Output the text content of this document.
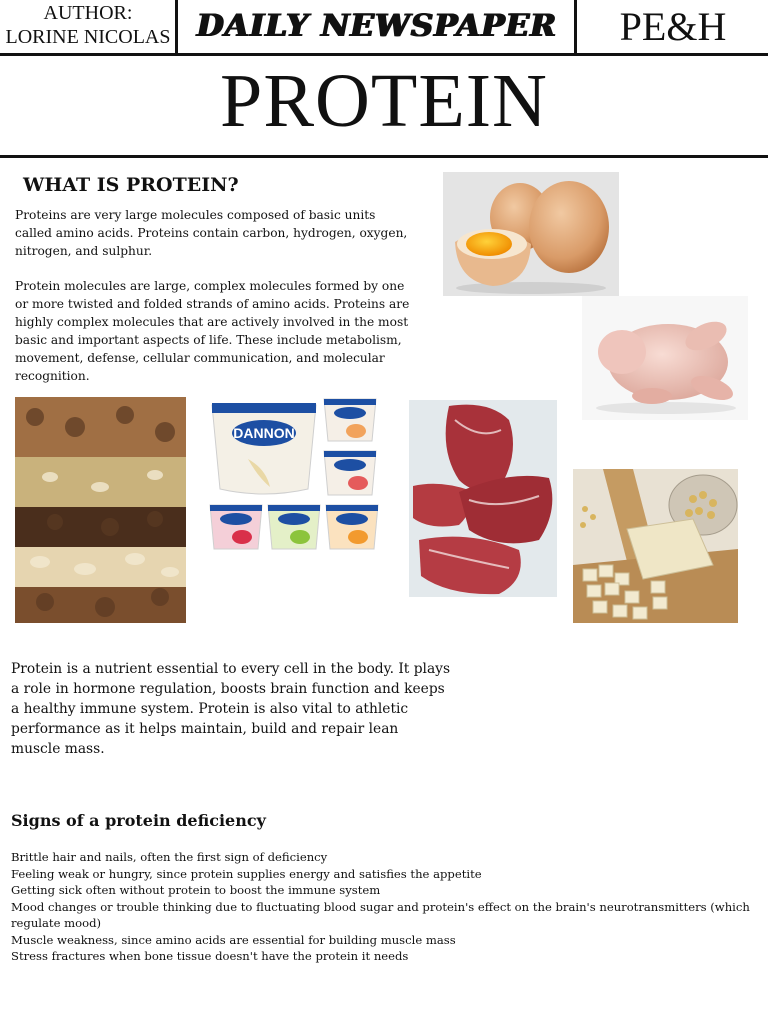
AUTHOR:
LORINE NICOLAS DAILY NEWSPAPER	PE&H
PROTEIN
WHAT IS PROTEIN?

Proteins are very large molecules composed of basic units called amino acids. Proteins contain carbon, hydrogen, oxygen, nitrogen, and sulphur.

Protein molecules are large, complex molecules formed by one or more twisted and folded strands of amino acids. Proteins are highly complex molecules that are actively involved in the most basic and important aspects of life. These include metabolism, movement, defense, cellular communication, and molecular recognition.

DANNON

Protein is a nutrient essential to every cell in the body. It plays a role in hormone regulation, boosts brain function and keeps a healthy immune system. Protein is also vital to athletic performance as it helps maintain, build and repair lean muscle mass.

Signs of a protein deficiency
Brittle hair and nails, often the first sign of deficiency
Feeling weak or hungry, since protein supplies energy and satisfies the appetite
Getting sick often without protein to boost the immune system
Mood changes or trouble thinking due to fluctuating blood sugar and protein's effect on the brain's neurotransmitters (which regulate mood)
Muscle weakness, since amino acids are essential for building muscle mass
Stress fractures when bone tissue doesn't have the protein it needs
